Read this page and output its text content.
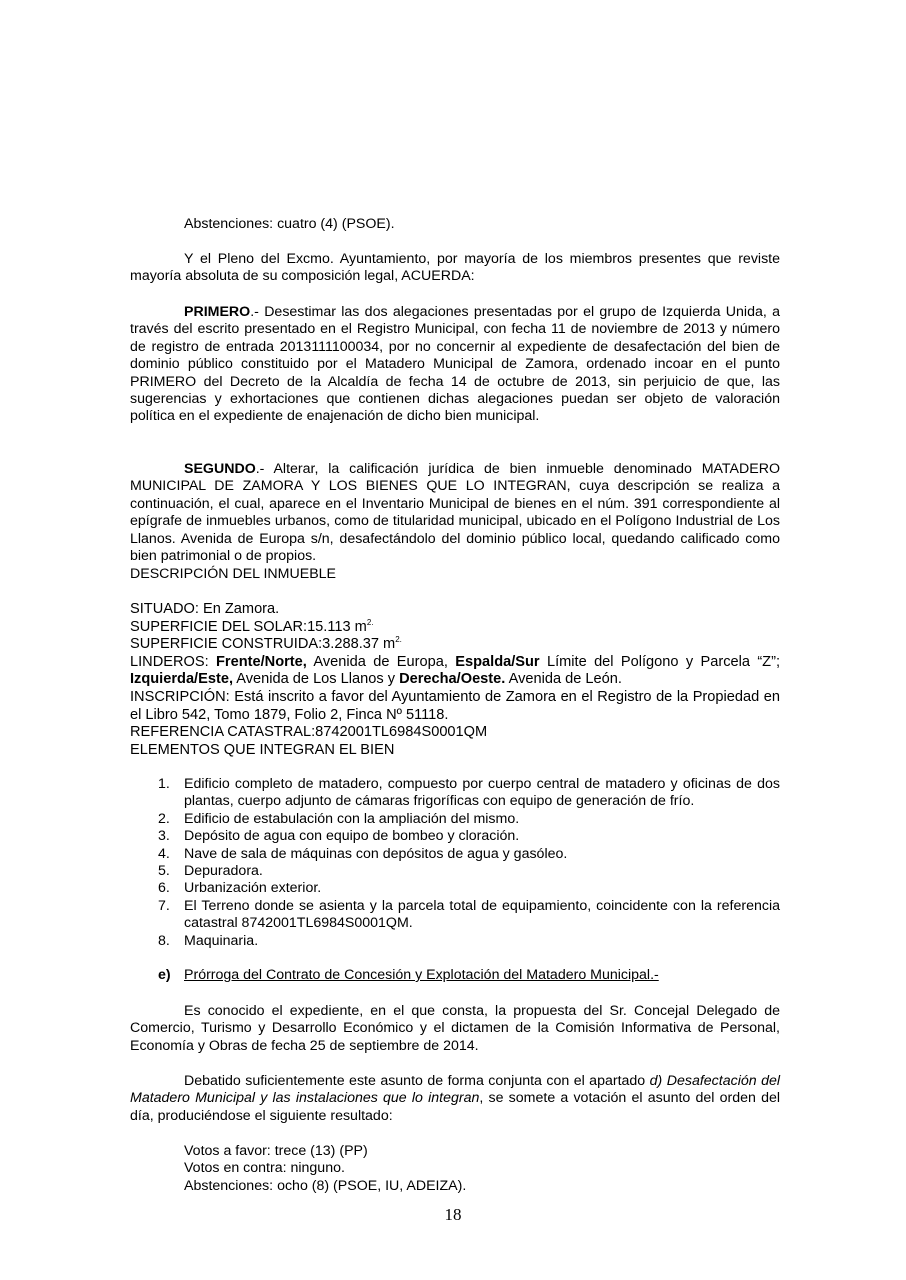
Abstenciones: cuatro (4) (PSOE).

Y el Pleno del Excmo. Ayuntamiento, por mayoría de los miembros presentes que reviste mayoría absoluta de su composición legal, ACUERDA:

PRIMERO.- Desestimar las dos alegaciones presentadas por el grupo de Izquierda Unida, a través del escrito presentado en el Registro Municipal, con fecha 11 de noviembre de 2013 y número de registro de entrada 2013111100034, por no concernir al expediente de desafectación del bien de dominio público constituido por el Matadero Municipal de Zamora, ordenado incoar en el punto PRIMERO del Decreto de la Alcaldía de fecha 14 de octubre de 2013, sin perjuicio de que, las sugerencias y exhortaciones que contienen dichas alegaciones puedan ser objeto de valoración política en el expediente de enajenación de dicho bien municipal.

SEGUNDO.- Alterar, la calificación jurídica de bien inmueble denominado MATADERO MUNICIPAL DE ZAMORA Y LOS BIENES QUE LO INTEGRAN, cuya descripción se realiza a continuación, el cual, aparece en el Inventario Municipal de bienes en el núm. 391 correspondiente al epígrafe de inmuebles urbanos, como de titularidad municipal, ubicado en el Polígono Industrial de Los Llanos. Avenida de Europa s/n, desafectándolo del dominio público local, quedando calificado como bien patrimonial o de propios.

DESCRIPCIÓN DEL INMUEBLE

SITUADO: En Zamora.

SUPERFICIE DEL SOLAR:15.113 $m^{2.}$

SUPERFICIE CONSTRUIDA:3.288.37 $m^{2.}$

LINDEROS: Frente/Norte, Avenida de Europa, Espalda/Sur Límite del Polígono y Parcela “Z”; Izquierda/Este, Avenida de Los Llanos y Derecha/Oeste. Avenida de León.

INSCRIPCIÓN: Está inscrito a favor del Ayuntamiento de Zamora en el Registro de la Propiedad en el Libro 542, Tomo 1879, Folio 2, Finca Nº 51118.

REFERENCIA CATASTRAL:8742001TL6984S0001QM

ELEMENTOS QUE INTEGRAN EL BIEN

1. Edificio completo de matadero, compuesto por cuerpo central de matadero y oficinas de dos plantas, cuerpo adjunto de cámaras frigoríficas con equipo de generación de frío.
2. Edificio de estabulación con la ampliación del mismo.
3. Depósito de agua con equipo de bombeo y cloración.
4. Nave de sala de máquinas con depósitos de agua y gasóleo.
5. Depuradora.
6. Urbanización exterior.
7. El Terreno donde se asienta y la parcela total de equipamiento, coincidente con la referencia catastral 8742001TL6984S0001QM.
8. Maquinaria.
e) Prórroga del Contrato de Concesión y Explotación del Matadero Municipal.-

Es conocido el expediente, en el que consta, la propuesta del Sr. Concejal Delegado de Comercio, Turismo y Desarrollo Económico y el dictamen de la Comisión Informativa de Personal, Economía y Obras de fecha 25 de septiembre de 2014.

Debatido suficientemente este asunto de forma conjunta con el apartado d) Desafectación del Matadero Municipal y las instalaciones que lo integran, se somete a votación el asunto del orden del día, produciéndose el siguiente resultado:

Votos a favor: trece (13) (PP)
Votos en contra: ninguno.
Abstenciones: ocho (8) (PSOE, IU, ADEIZA).
18
